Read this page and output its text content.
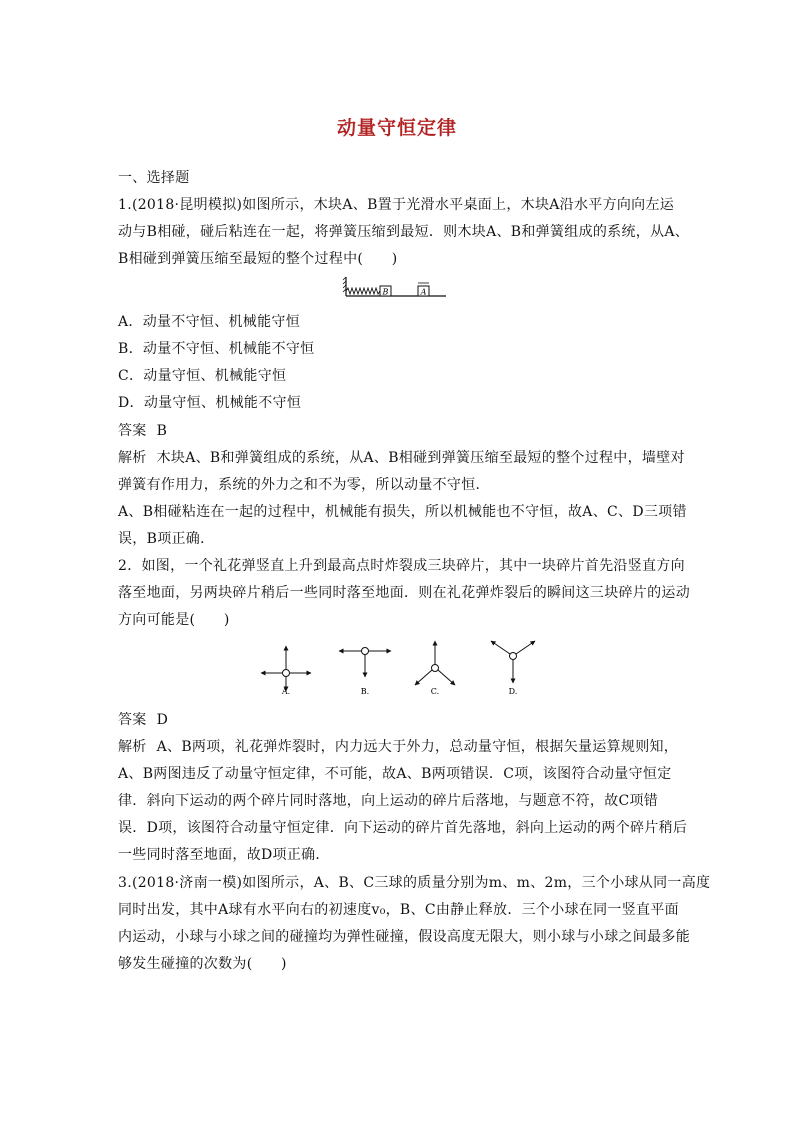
动量守恒定律
一、选择题
1.(2018·昆明模拟)如图所示，木块A、B置于光滑水平桌面上，木块A沿水平方向向左运
动与B相碰，碰后粘连在一起，将弹簧压缩到最短．则木块A、B和弹簧组成的系统，从A、
B相碰到弹簧压缩至最短的整个过程中(　　)
B	A
A．动量不守恒、机械能守恒
B．动量不守恒、机械能不守恒
C．动量守恒、机械能守恒
D．动量守恒、机械能不守恒
答案 B
解析 木块A、B和弹簧组成的系统，从A、B相碰到弹簧压缩至最短的整个过程中，墙壁对
弹簧有作用力，系统的外力之和不为零，所以动量不守恒．
A、B相碰粘连在一起的过程中，机械能有损失，所以机械能也不守恒，故A、C、D三项错
误，B项正确．
2．如图，一个礼花弹竖直上升到最高点时炸裂成三块碎片，其中一块碎片首先沿竖直方向
落至地面，另两块碎片稍后一些同时落至地面．则在礼花弹炸裂后的瞬间这三块碎片的运动
方向可能是(　　)
A.	B.	C.	D.
答案 D
解析 A、B两项，礼花弹炸裂时，内力远大于外力，总动量守恒，根据矢量运算规则知，
A、B两图违反了动量守恒定律，不可能，故A、B两项错误．C项，该图符合动量守恒定
律．斜向下运动的两个碎片同时落地，向上运动的碎片后落地，与题意不符，故C项错
误．D项，该图符合动量守恒定律．向下运动的碎片首先落地，斜向上运动的两个碎片稍后
一些同时落至地面，故D项正确．
3.(2018·济南一模)如图所示，A、B、C三球的质量分别为m、m、2m，三个小球从同一高度
同时出发，其中A球有水平向右的初速度v₀，B、C由静止释放．三个小球在同一竖直平面
内运动，小球与小球之间的碰撞均为弹性碰撞，假设高度无限大，则小球与小球之间最多能
够发生碰撞的次数为(　　)
